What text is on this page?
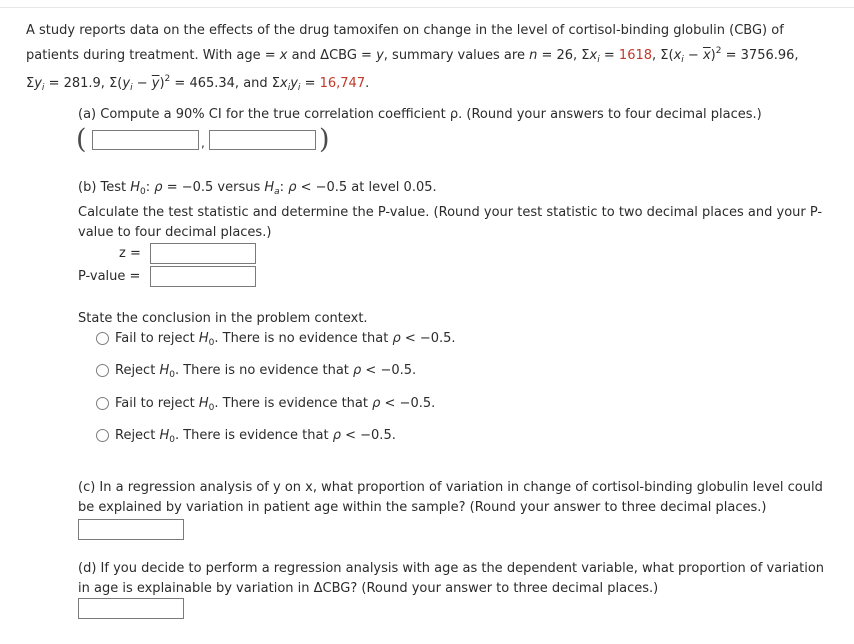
A study reports data on the effects of the drug tamoxifen on change in the level of cortisol-binding globulin (CBG) of
patients during treatment. With age = x and ΔCBG = y, summary values are n = 26, $\Sigma x_i = 1618$, $\Sigma(x_i - \overline{x})^2 = 3756.96$,
$\Sigma y_i = 281.9$, $\Sigma(y_i - \overline{y})^2 = 465.34$, and $\Sigma x_iy_i = 16,747$.
(a) Compute a 90% CI for the true correlation coefficient ρ. (Round your answers to four decimal places.)
(	,	)
(b) Test $H_0$: ρ = −0.5 versus $H_a$: ρ < −0.5 at level 0.05.
Calculate the test statistic and determine the P-value. (Round your test statistic to two decimal places and your P-
value to four decimal places.)
z =
P-value =
State the conclusion in the problem context.
Fail to reject $H_0$. There is no evidence that ρ < −0.5.
Reject $H_0$. There is no evidence that ρ < −0.5.
Fail to reject $H_0$. There is evidence that ρ < −0.5.
Reject $H_0$. There is evidence that ρ < −0.5.
(c) In a regression analysis of y on x, what proportion of variation in change of cortisol-binding globulin level could
be explained by variation in patient age within the sample? (Round your answer to three decimal places.)
(d) If you decide to perform a regression analysis with age as the dependent variable, what proportion of variation
in age is explainable by variation in ΔCBG? (Round your answer to three decimal places.)
